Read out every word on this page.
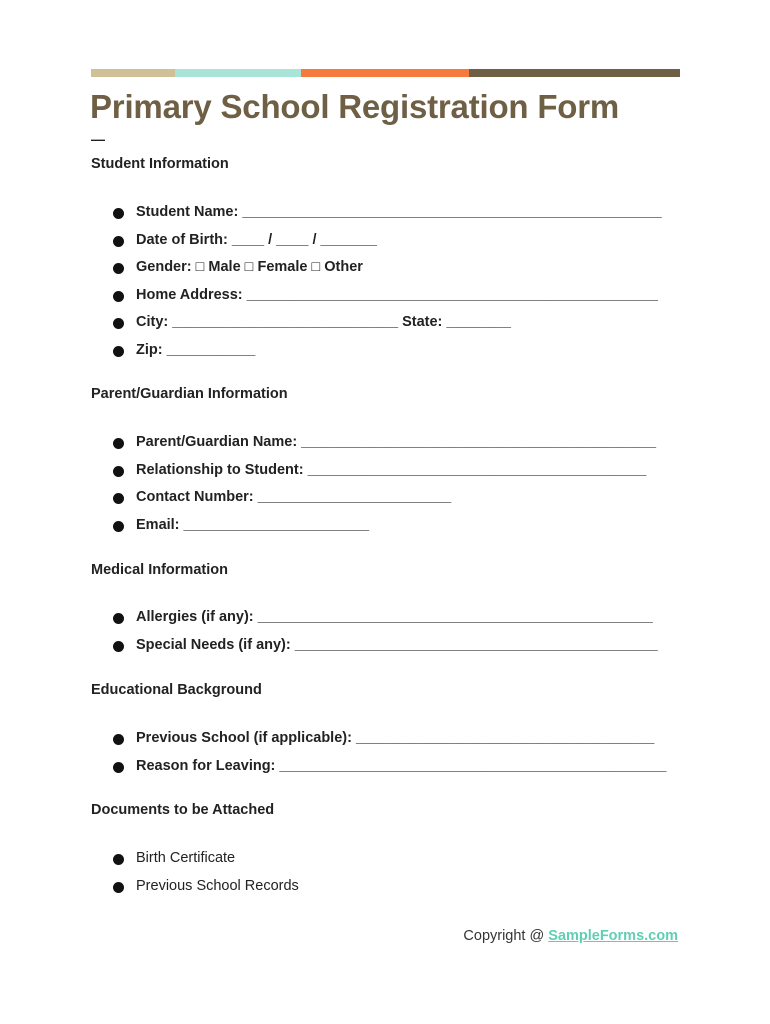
Primary School Registration Form
—
Student Information
Student Name: ____________________________________________________
Date of Birth: ____ / ____ / _______
Gender: □ Male □ Female □ Other
Home Address: ___________________________________________________
City: ____________________________ State: ________
Zip: ___________
Parent/Guardian Information
Parent/Guardian Name: ____________________________________________
Relationship to Student: __________________________________________
Contact Number: ________________________
Email: _______________________
Medical Information
Allergies (if any): _________________________________________________
Special Needs (if any): _____________________________________________
Educational Background
Previous School (if applicable): _____________________________________
Reason for Leaving: ________________________________________________
Documents to be Attached
Birth Certificate
Previous School Records
Copyright @ SampleForms.com
